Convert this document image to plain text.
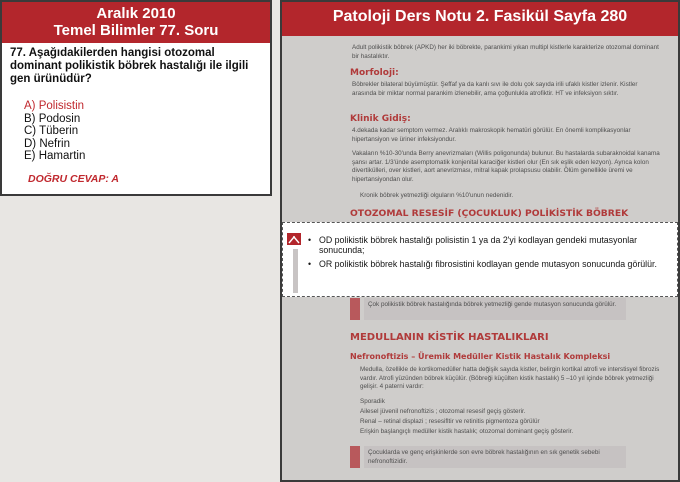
Aralık 2010
Temel Bilimler 77. Soru
77. Aşağıdakilerden hangisi otozomal dominant polikistik böbrek hastalığı ile ilgili gen ürünüdür?
A) Polisistin
B) Podosin
C) Tüberin
D) Nefrin
E) Hamartin
DOĞRU CEVAP: A
Patoloji Ders Notu 2. Fasikül Sayfa 280
Adult polikistik böbrek (APKD) her iki böbrekte, parankimi yıkan multipl kistlerle karakterize otozomal dominant bir hastalıktır.
Morfoloji:
Böbrekler bilateral büyümüştür. Şeffaf ya da kanlı sıvı ile dolu çok sayıda irili ufaklı kistler izlenir. Kistler arasında bir miktar normal parankim izlenebilir, ama çoğunlukla atrofiktir. HT ve infeksiyon sıktır.
Klinik Gidiş:
4.dekada kadar semptom vermez. Aralıklı makroskopik hematüri görülür. En önemli komplikasyonlar hipertansiyon ve üriner infeksiyondur.
Vakaların %10-30'unda Berry anevrizmaları (Willis poligonunda) bulunur. Bu hastalarda subaraknoidal kanama şansı artar. 1/3'ünde asemptomatik konjenital karaciğer kistleri olur (En sık eşlik eden lezyon). Ayrıca kolon divertikülleri, over kistleri, aort anevrizması, mitral kapak prolapsusu olabilir. Ölüm genellikle üremi ve hipertansiyondan olur.
Kronik böbrek yetmezliği olguların %10'unun nedenidir.
OTOZOMAL RESESİF (ÇOCUKLUK) POLİKİSTİK BÖBREK
Çok polikistik böbrek hastalığında böbrek yetmezliği gende mutasyon sonucunda görülür.
MEDULLANIN KİSTİK HASTALIKLARI
Nefronoftizis – Üremik Medüller Kistik Hastalık Kompleksi
Medulla, özellikle de kortikomedüller hatta değişik sayıda kistler, belirgin kortikal atrofi ve interstisyel fibrozis vardır. Atrofi yüzünden böbrek küçülür. (Böbreği küçülten kistik hastalık) 5 –10 yıl içinde böbrek yetmezliği gelişir. 4 paterni vardır:
Sporadik
Ailesel jüvenil nefronoftizis ; otozomal resesif geçiş gösterir.
Renal – retinal displazi ; resesifltir ve retinitis pigmentoza görülür
Erişkin başlangıçlı medüller kistik hastalık; otozomal dominant geçiş gösterir.
Çocuklarda ve genç erişkinlerde son evre böbrek hastalığının en sık genetik sebebi nefronoftizidir.
• OD polikistik böbrek hastalığı polisistin 1 ya da 2'yi kodlayan gendeki mutasyonlar sonucunda;
• OR polikistik böbrek hastalığı fibrosistini kodlayan gende mutasyon sonucunda görülür.
